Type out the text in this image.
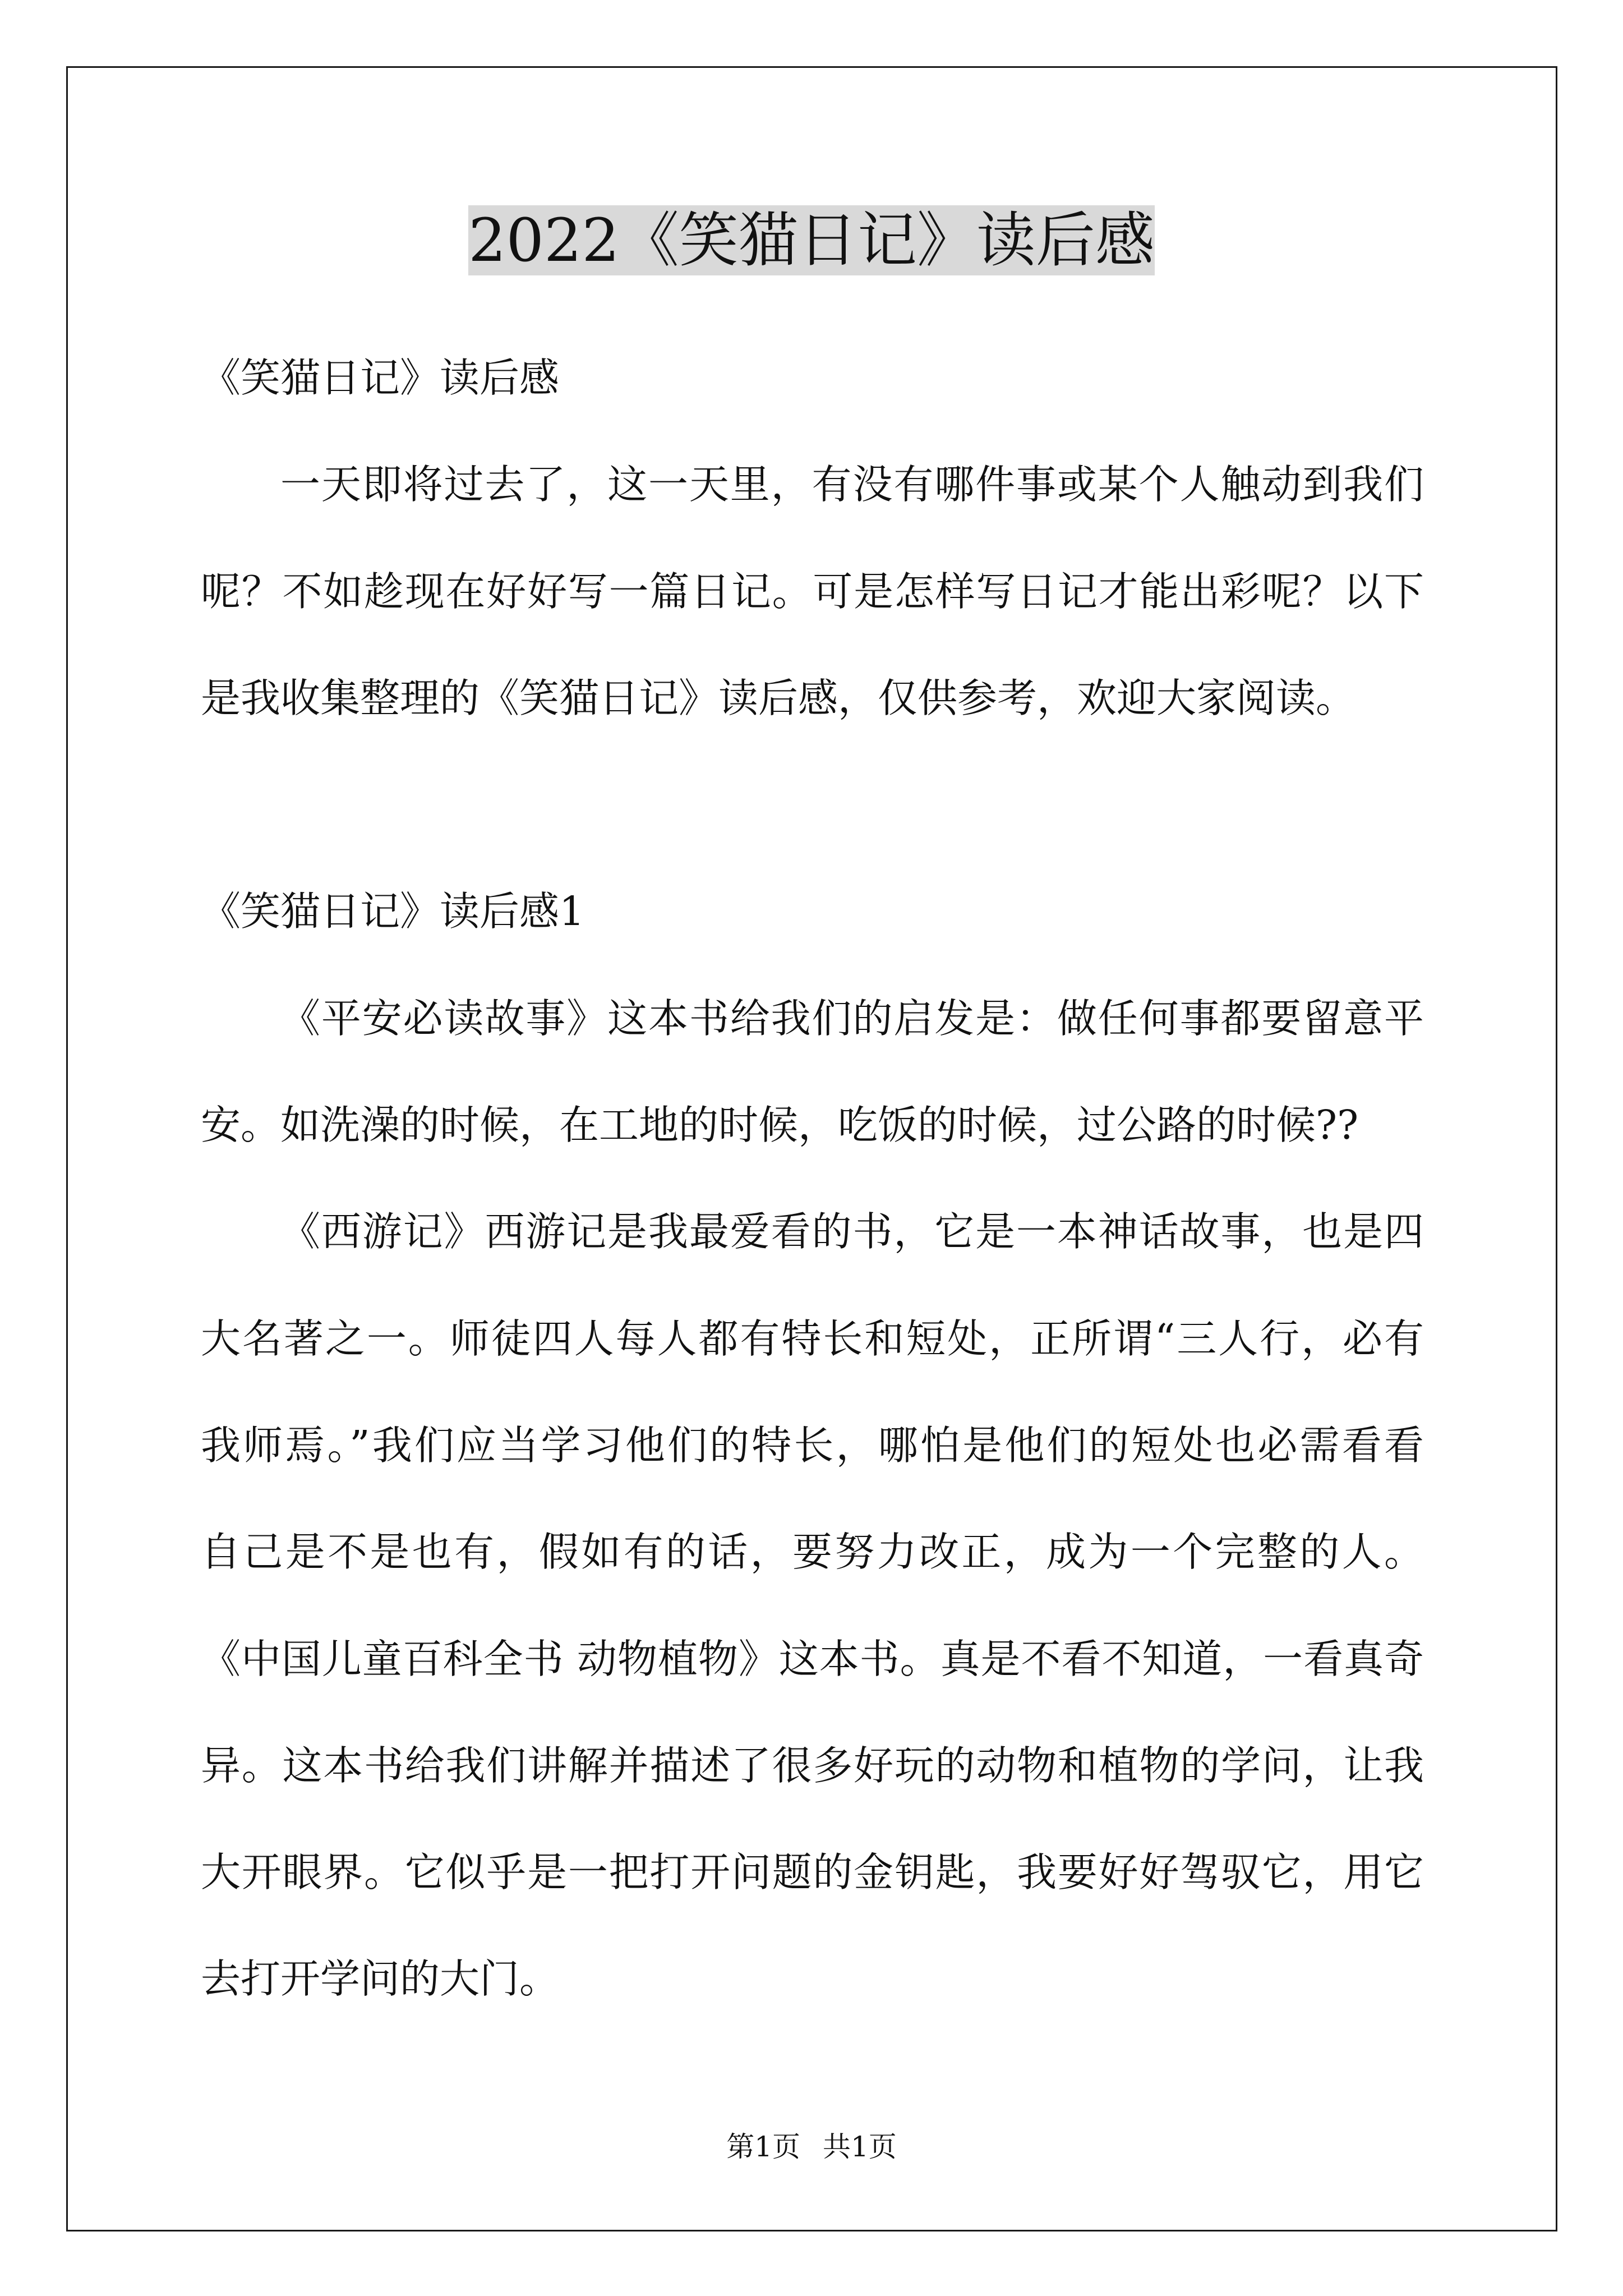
2022《笑猫日记》读后感
《笑猫日记》读后感
一天即将过去了，这一天里，有没有哪件事或某个人触动到我们
呢？不如趁现在好好写一篇日记。可是怎样写日记才能出彩呢？以下
是我收集整理的《笑猫日记》读后感，仅供参考，欢迎大家阅读。
《笑猫日记》读后感1
《平安必读故事》这本书给我们的启发是：做任何事都要留意平
安。如洗澡的时候，在工地的时候，吃饭的时候，过公路的时候??
《西游记》西游记是我最爱看的书，它是一本神话故事，也是四
大名著之一。师徒四人每人都有特长和短处，正所谓“三人行，必有
我师焉。”我们应当学习他们的特长，哪怕是他们的短处也必需看看
自己是不是也有，假如有的话，要努力改正，成为一个完整的人。
《中国儿童百科全书 动物植物》这本书。真是不看不知道，一看真奇
异。这本书给我们讲解并描述了很多好玩的动物和植物的学问，让我
大开眼界。它似乎是一把打开问题的金钥匙，我要好好驾驭它，用它
去打开学问的大门。
第1页 共1页
